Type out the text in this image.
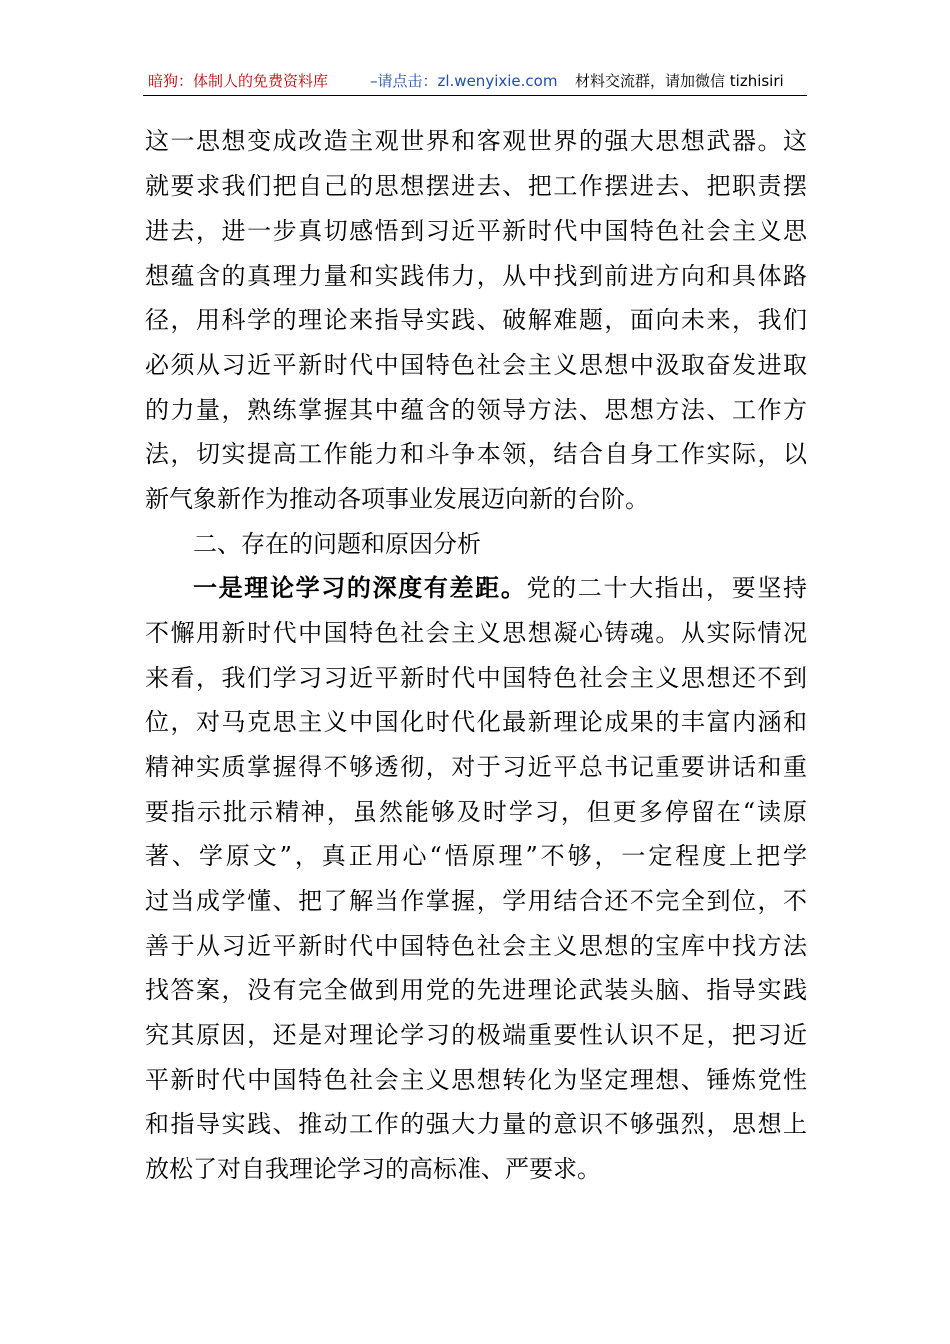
暗狗：体制人的免费资料库	–请点击：zl.wenyixie.com 材料交流群，请加微信 tizhisiri
这一思想变成改造主观世界和客观世界的强大思想武器。这
就要求我们把自己的思想摆进去、把工作摆进去、把职责摆
进去，进一步真切感悟到习近平新时代中国特色社会主义思
想蕴含的真理力量和实践伟力，从中找到前进方向和具体路
径，用科学的理论来指导实践、破解难题，面向未来，我们
必须从习近平新时代中国特色社会主义思想中汲取奋发进取
的力量，熟练掌握其中蕴含的领导方法、思想方法、工作方
法，切实提高工作能力和斗争本领，结合自身工作实际，以
新气象新作为推动各项事业发展迈向新的台阶。
二、存在的问题和原因分析
一是理论学习的深度有差距。党的二十大指出，要坚持
不懈用新时代中国特色社会主义思想凝心铸魂。从实际情况
来看，我们学习习近平新时代中国特色社会主义思想还不到
位，对马克思主义中国化时代化最新理论成果的丰富内涵和
精神实质掌握得不够透彻，对于习近平总书记重要讲话和重
要指示批示精神，虽然能够及时学习，但更多停留在“读原
著、学原文”，真正用心“悟原理”不够，一定程度上把学
过当成学懂、把了解当作掌握，学用结合还不完全到位，不
善于从习近平新时代中国特色社会主义思想的宝库中找方法
找答案，没有完全做到用党的先进理论武装头脑、指导实践
究其原因，还是对理论学习的极端重要性认识不足，把习近
平新时代中国特色社会主义思想转化为坚定理想、锤炼党性
和指导实践、推动工作的强大力量的意识不够强烈，思想上
放松了对自我理论学习的高标准、严要求。
